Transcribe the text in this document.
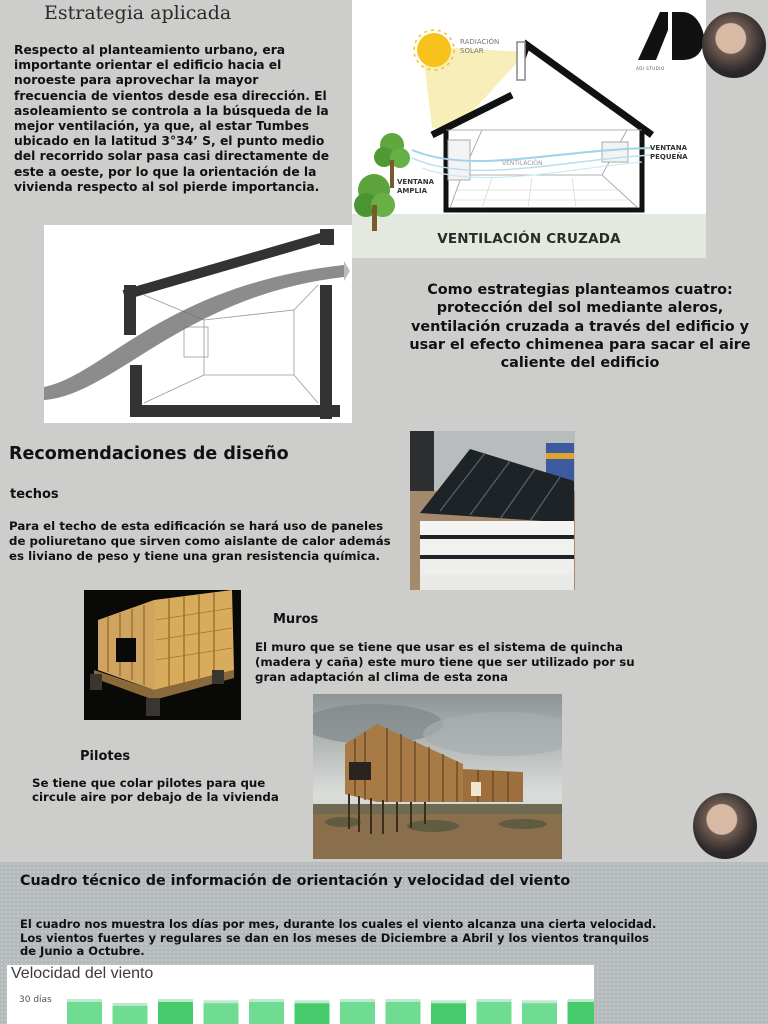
Estrategia aplicada
Respecto al planteamiento urbano, era importante orientar el edificio hacia el noroeste para aprovechar la mayor frecuencia de vientos desde esa dirección. El asoleamiento se controla a la búsqueda de la mejor ventilación, ya que, al estar Tumbes ubicado en la latitud 3°34’ S, el punto medio del recorrido solar pasa casi directamente de este a oeste, por lo que la orientación de la vivienda respecto al sol pierde importancia.
RADIACIÓN
SOLAR
VENTILACIÓN
VENTANA
AMPLIA
VENTANA
PEQUEÑA
VENTILACIÓN CRUZADA
ADI STUDIO
Como estrategias planteamos cuatro: protección del sol mediante aleros, ventilación cruzada a través del edificio y usar el efecto chimenea para sacar el aire caliente del edificio
Recomendaciones de diseño
techos
Para el techo de esta edificación se hará uso de paneles de poliuretano que sirven como aislante de calor además es liviano de peso y tiene una gran resistencia química.
Muros
El muro que se tiene que usar es el sistema de quincha (madera y caña) este muro tiene que ser utilizado por su gran adaptación al clima de esta zona
Pilotes
Se tiene que colar pilotes para que circule aire por debajo de la vivienda
Cuadro técnico de información de orientación y velocidad del viento
El cuadro nos muestra los días por mes, durante los cuales el viento alcanza una cierta velocidad. Los vientos fuertes y regulares se dan en los meses de Diciembre a Abril y los vientos tranquilos de Junio a Octubre.
Velocidad del viento
30 días
